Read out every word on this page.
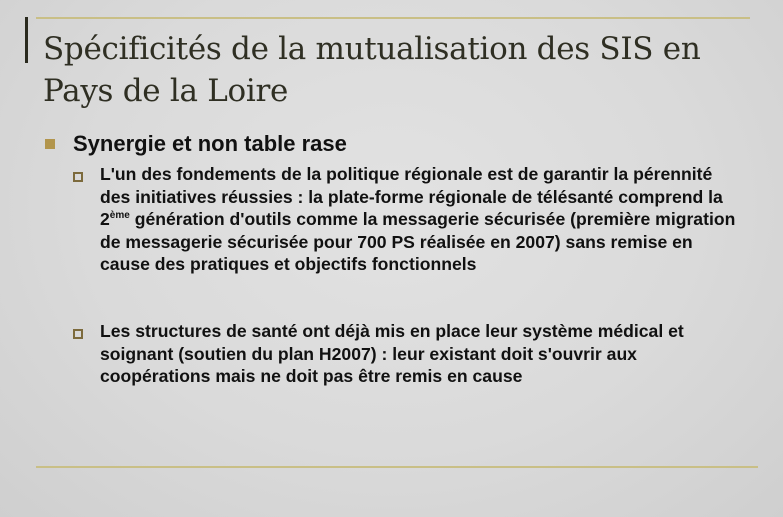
Spécificités de la mutualisation des SIS en Pays de la Loire
Synergie et non table rase
L'un des fondements de la politique régionale est de garantir la pérennité des initiatives réussies : la plate-forme régionale de télésanté comprend la 2ème génération d'outils comme la messagerie sécurisée (première migration de messagerie sécurisée pour 700 PS réalisée en 2007) sans remise en cause des pratiques et objectifs fonctionnels
Les structures de santé ont déjà mis en place leur système médical et soignant (soutien du plan H2007) : leur existant doit s'ouvrir aux coopérations mais ne doit pas être remis en cause
